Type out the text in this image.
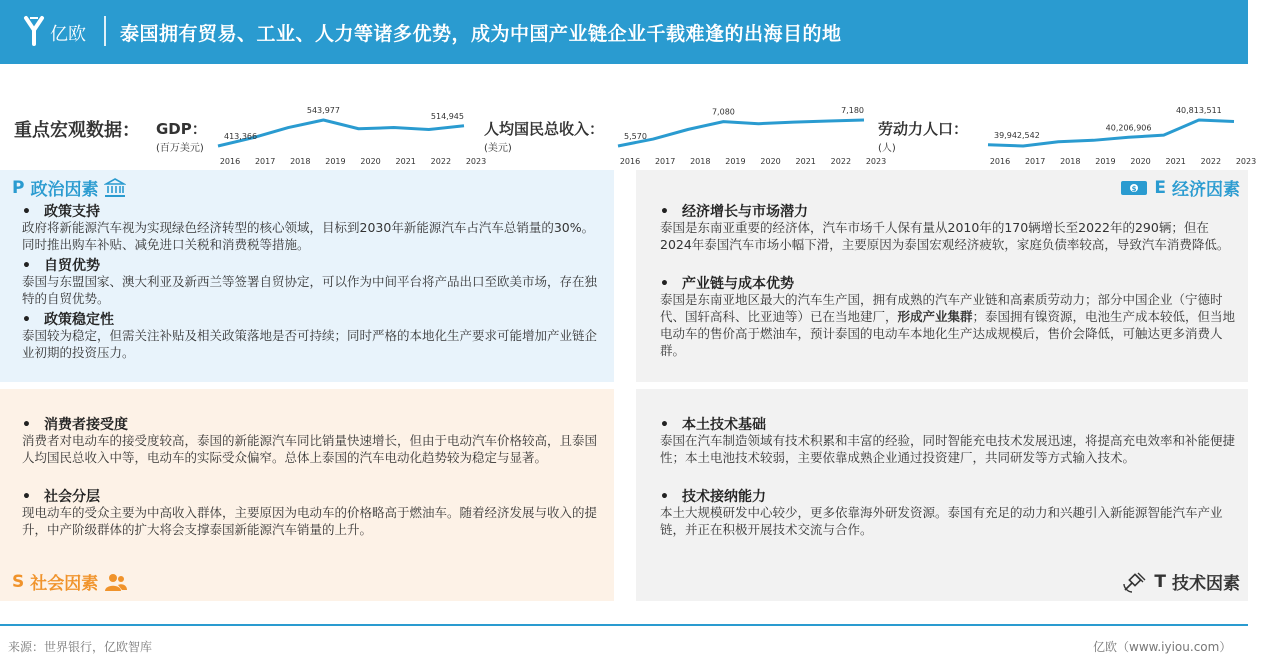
亿欧 泰国拥有贸易、工业、人力等诸多优势，成为中国产业链企业千载难逢的出海目的地
重点宏观数据： GDP：
(百万美元)
413,366
543,977
514,945
2016 2017 2018 2019 2020 2021 2022 2023
人均国民总收入：
(美元)
5,570
7,080	7,180
2016 2017 2018 2019 2020 2021 2022 2023
劳动力人口：
(人)
39,942,542
40,206,906
40,813,511
2016 2017 2018 2019 2020 2021 2022 2023
P 政治因素
• 政策支持
政府将新能源汽车视为实现绿色经济转型的核心领域，目标到2030年新能源汽车占汽车总销量的30%。同时推出购车补贴、减免进口关税和消费税等措施。
• 自贸优势
泰国与东盟国家、澳大利亚及新西兰等签署自贸协定，可以作为中间平台将产品出口至欧美市场，存在独特的自贸优势。
• 政策稳定性
泰国较为稳定，但需关注补贴及相关政策落地是否可持续；同时严格的本地化生产要求可能增加产业链企业初期的投资压力。
$ E 经济因素
• 经济增长与市场潜力
泰国是东南亚重要的经济体，汽车市场千人保有量从2010年的170辆增长至2022年的290辆；但在2024年泰国汽车市场小幅下滑，主要原因为泰国宏观经济疲软，家庭负债率较高，导致汽车消费降低。
• 产业链与成本优势
泰国是东南亚地区最大的汽车生产国，拥有成熟的汽车产业链和高素质劳动力；部分中国企业（宁德时代、国轩高科、比亚迪等）已在当地建厂，形成产业集群；泰国拥有镍资源，电池生产成本较低，但当地电动车的售价高于燃油车，预计泰国的电动车本地化生产达成规模后，售价会降低，可触达更多消费人群。
• 消费者接受度
消费者对电动车的接受度较高，泰国的新能源汽车同比销量快速增长，但由于电动汽车价格较高，且泰国人均国民总收入中等，电动车的实际受众偏窄。总体上泰国的汽车电动化趋势较为稳定与显著。
• 社会分层
现电动车的受众主要为中高收入群体，主要原因为电动车的价格略高于燃油车。随着经济发展与收入的提升，中产阶级群体的扩大将会支撑泰国新能源汽车销量的上升。
S 社会因素
• 本土技术基础
泰国在汽车制造领域有技术积累和丰富的经验，同时智能充电技术发展迅速，将提高充电效率和补能便捷性；本土电池技术较弱，主要依靠成熟企业通过投资建厂，共同研发等方式输入技术。
• 技术接纳能力
本土大规模研发中心较少，更多依靠海外研发资源。泰国有充足的动力和兴趣引入新能源智能汽车产业链，并正在积极开展技术交流与合作。
T 技术因素
来源：世界银行，亿欧智库	亿欧（www.iyiou.com）
